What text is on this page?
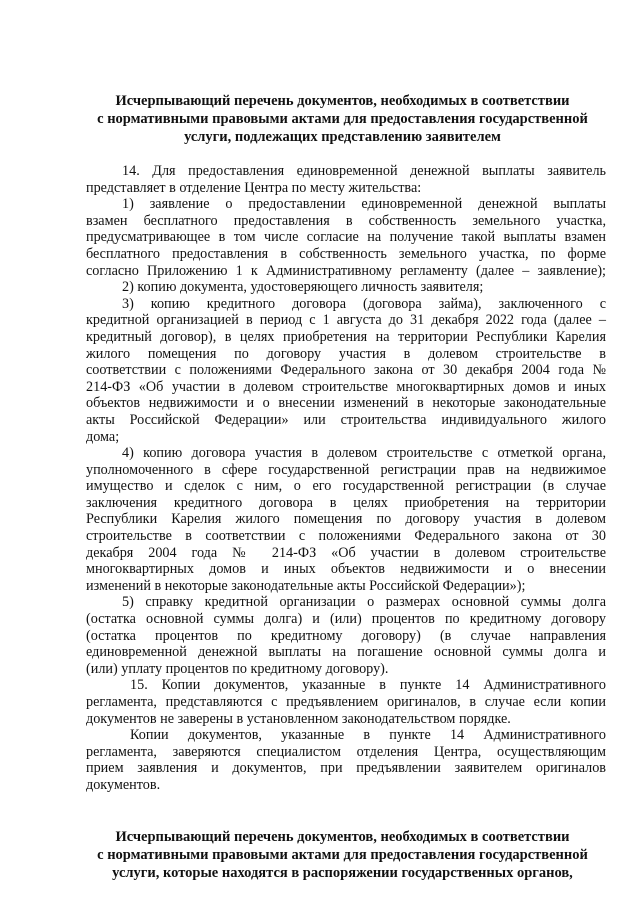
Исчерпывающий перечень документов, необходимых в соответствии
с нормативными правовыми актами для предоставления государственной
услуги, подлежащих представлению заявителем
14. Для предоставления единовременной денежной выплаты заявитель
представляет в отделение Центра по месту жительства:
1) заявление о предоставлении единовременной денежной выплаты
взамен бесплатного предоставления в собственность земельного участка,
предусматривающее в том числе согласие на получение такой выплаты взамен
бесплатного предоставления в собственность земельного участка, по форме
согласно Приложению 1 к Административному регламенту (далее – заявление);
2) копию документа, удостоверяющего личность заявителя;
3) копию кредитного договора (договора займа), заключенного с
кредитной организацией в период с 1 августа до 31 декабря 2022 года (далее –
кредитный договор), в целях приобретения на территории Республики Карелия
жилого помещения по договору участия в долевом строительстве в
соответствии с положениями Федерального закона от 30 декабря 2004 года №
214-ФЗ «Об участии в долевом строительстве многоквартирных домов и иных
объектов недвижимости и о внесении изменений в некоторые законодательные
акты Российской Федерации» или строительства индивидуального жилого
дома;
4) копию договора участия в долевом строительстве с отметкой органа,
уполномоченного в сфере государственной регистрации прав на недвижимое
имущество и сделок с ним, о его государственной регистрации (в случае
заключения кредитного договора в целях приобретения на территории
Республики Карелия жилого помещения по договору участия в долевом
строительстве в соответствии с положениями Федерального закона от 30
декабря 2004 года № 214-ФЗ «Об участии в долевом строительстве
многоквартирных домов и иных объектов недвижимости и о внесении
изменений в некоторые законодательные акты Российской Федерации»);
5) справку кредитной организации о размерах основной суммы долга
(остатка основной суммы долга) и (или) процентов по кредитному договору
(остатка процентов по кредитному договору) (в случае направления
единовременной денежной выплаты на погашение основной суммы долга и
(или) уплату процентов по кредитному договору).
15. Копии документов, указанные в пункте 14 Административного
регламента, представляются с предъявлением оригиналов, в случае если копии
документов не заверены в установленном законодательством порядке.
Копии документов, указанные в пункте 14 Административного
регламента, заверяются специалистом отделения Центра, осуществляющим
прием заявления и документов, при предъявлении заявителем оригиналов
документов.
Исчерпывающий перечень документов, необходимых в соответствии
с нормативными правовыми актами для предоставления государственной
услуги, которые находятся в распоряжении государственных органов,
